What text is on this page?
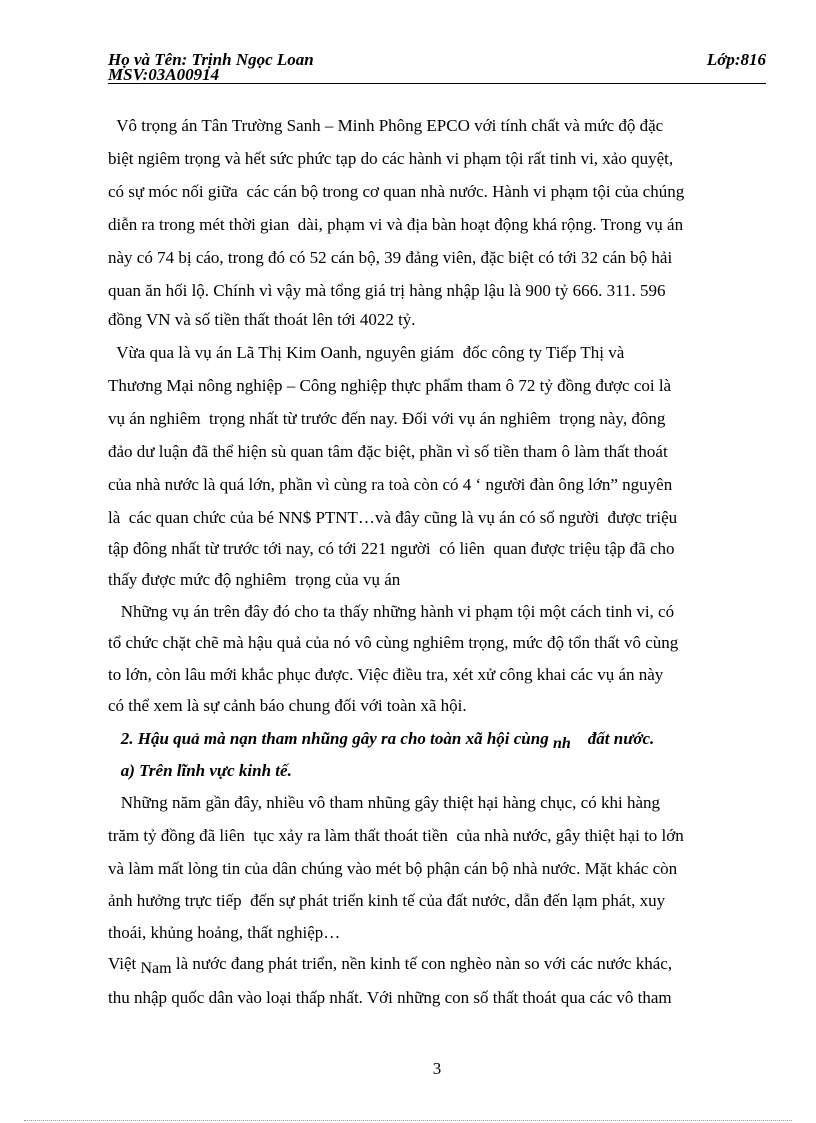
Họ và Tên: Trịnh Ngọc Loan	Lớp:816
MSV:03A00914
Vô trọng án Tân Trường Sanh – Minh Phông EPCO với tính chất và mức độ đặc
biệt ngiêm trọng và hết sức phức tạp do các hành vi phạm tội rất tinh vi, xảo quyệt,
có sự móc nối giữa  các cán bộ trong cơ quan nhà nước. Hành vi phạm tội của chúng
diễn ra trong mét thời gian  dài, phạm vi và địa bàn hoạt động khá rộng. Trong vụ án
này có 74 bị cáo, trong đó có 52 cán bộ, 39 đảng viên, đặc biệt có tới 32 cán bộ hải
quan ăn hối lộ. Chính vì vậy mà tổng giá trị hàng nhập lậu là 900 tỷ 666. 311. 596
đồng VN và số tiền thất thoát lên tới 4022 tỷ.
Vừa qua là vụ án Lã Thị Kim Oanh, nguyên giám  đốc công ty Tiếp Thị và
Thương Mại nông nghiệp – Công nghiệp thực phẩm tham ô 72 tỷ đồng được coi là
vụ án nghiêm  trọng nhất từ trước đến nay. Đối với vụ án nghiêm  trọng này, đông
đảo dư luận đã thể hiện sù quan tâm đặc biệt, phần vì số tiền tham ô làm thất thoát
của nhà nước là quá lớn, phần vì cùng ra toà còn có 4 ‘ người đàn ông lớn” nguyên
là  các quan chức của bé NN$ PTNT…và đây cũng là vụ án có số người  được triệu
tập đông nhất từ trước tới nay, có tới 221 người  có liên  quan được triệu tập đã cho
thấy được mức độ nghiêm  trọng của vụ án
Những vụ án trên đây đó cho ta thấy những hành vi phạm tội một cách tinh vi, có
tổ chức chặt chẽ mà hậu quả của nó vô cùng nghiêm trọng, mức độ tổn thất vô cùng
to lớn, còn lâu mới khắc phục được. Việc điều tra, xét xử công khai các vụ án này
có thể xem là sự cảnh báo chung đối với toàn xã hội.
2. Hậu quả mà nạn tham nhũng gây ra cho toàn xã hội cùng nh    đất nước.
a) Trên lĩnh vực kinh tế.
Những năm gần đây, nhiều vô tham nhũng gây thiệt hại hàng chục, có khi hàng
trăm tỷ đồng đã liên  tục xảy ra làm thất thoát tiền  của nhà nước, gây thiệt hại to lớn
và làm mất lòng tin của dân chúng vào mét bộ phận cán bộ nhà nước. Mặt khác còn
ảnh hưởng trực tiếp  đến sự phát triển kinh tế của đất nước, dẫn đến lạm phát, xuy
thoái, khủng hoảng, thất nghiệp…
Việt Nam là nước đang phát triển, nền kinh tế con nghèo nàn so với các nước khác,
thu nhập quốc dân vào loại thấp nhất. Với những con số thất thoát qua các vô tham
3
